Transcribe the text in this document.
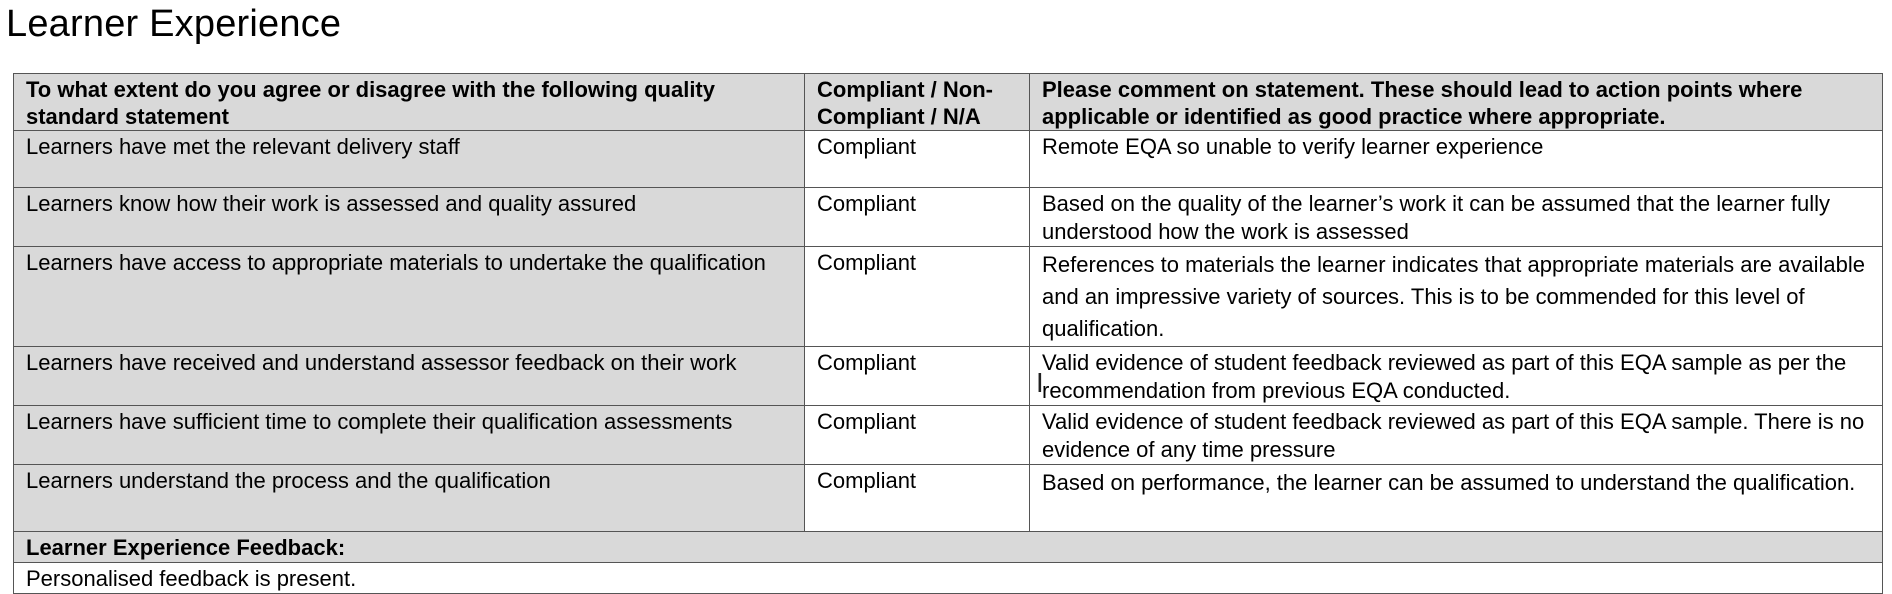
Learner Experience
To what extent do you agree or disagree with the following quality standard statement	Compliant / Non-Compliant / N/A	Please comment on statement. These should lead to action points where applicable or identified as good practice where appropriate.
Learners have met the relevant delivery staff	Compliant	Remote EQA so unable to verify learner experience
Learners know how their work is assessed and quality assured	Compliant	Based on the quality of the learner’s work it can be assumed that the learner fully understood how the work is assessed
Learners have access to appropriate materials to undertake the qualification	Compliant	References to materials the learner indicates that appropriate materials are available and an impressive variety of sources. This is to be commended for this level of qualification.
Learners have received and understand assessor feedback on their work	Compliant	Valid evidence of student feedback reviewed as part of this EQA sample as per the recommendation from previous EQA conducted.
Learners have sufficient time to complete their qualification assessments	Compliant	Valid evidence of student feedback reviewed as part of this EQA sample. There is no evidence of any time pressure
Learners understand the process and the qualification	Compliant	Based on performance, the learner can be assumed to understand the qualification.
Learner Experience Feedback:		
Personalised feedback is present.		
I
